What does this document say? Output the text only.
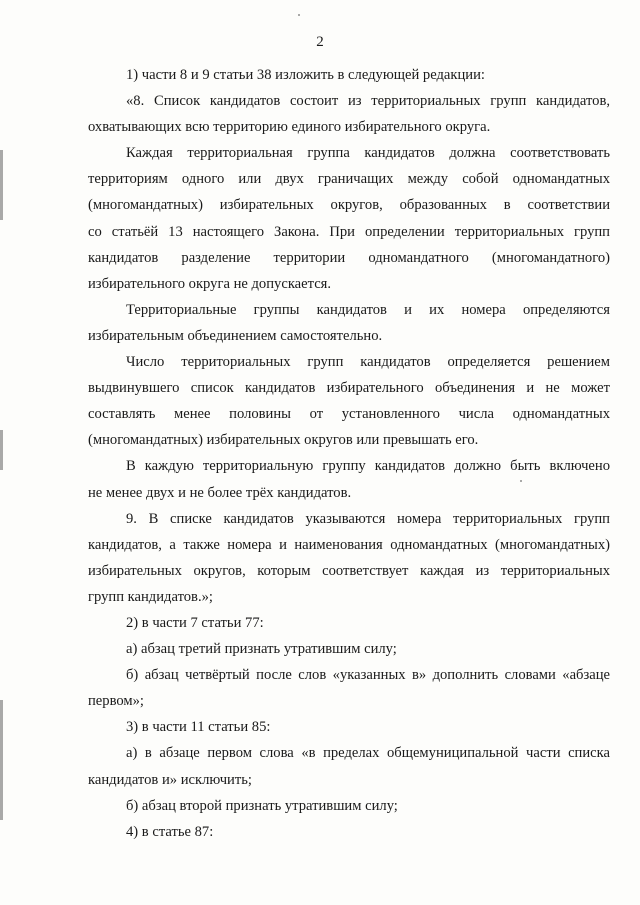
2
1) части 8 и 9 статьи 38 изложить в следующей редакции:
«8. Список кандидатов состоит из территориальных групп кандидатов,
охватывающих всю территорию единого избирательного округа.
Каждая территориальная группа кандидатов должна соответствовать
территориям одного или двух граничащих между собой одномандатных
(многомандатных) избирательных округов, образованных в соответствии
со статьёй 13 настоящего Закона. При определении территориальных групп
кандидатов разделение территории одномандатного (многомандатного)
избирательного округа не допускается.
Территориальные группы кандидатов и их номера определяются
избирательным объединением самостоятельно.
Число территориальных групп кандидатов определяется решением
выдвинувшего список кандидатов избирательного объединения и не может
составлять менее половины от установленного числа одномандатных
(многомандатных) избирательных округов или превышать его.
В каждую территориальную группу кандидатов должно быть включено
не менее двух и не более трёх кандидатов.
9. В списке кандидатов указываются номера территориальных групп
кандидатов, а также номера и наименования одномандатных (многомандатных)
избирательных округов, которым соответствует каждая из территориальных
групп кандидатов.»;
2) в части 7 статьи 77:
а) абзац третий признать утратившим силу;
б) абзац четвёртый после слов «указанных в» дополнить словами «абзаце
первом»;
3) в части 11 статьи 85:
а) в абзаце первом слова «в пределах общемуниципальной части списка
кандидатов и» исключить;
б) абзац второй признать утратившим силу;
4) в статье 87:
